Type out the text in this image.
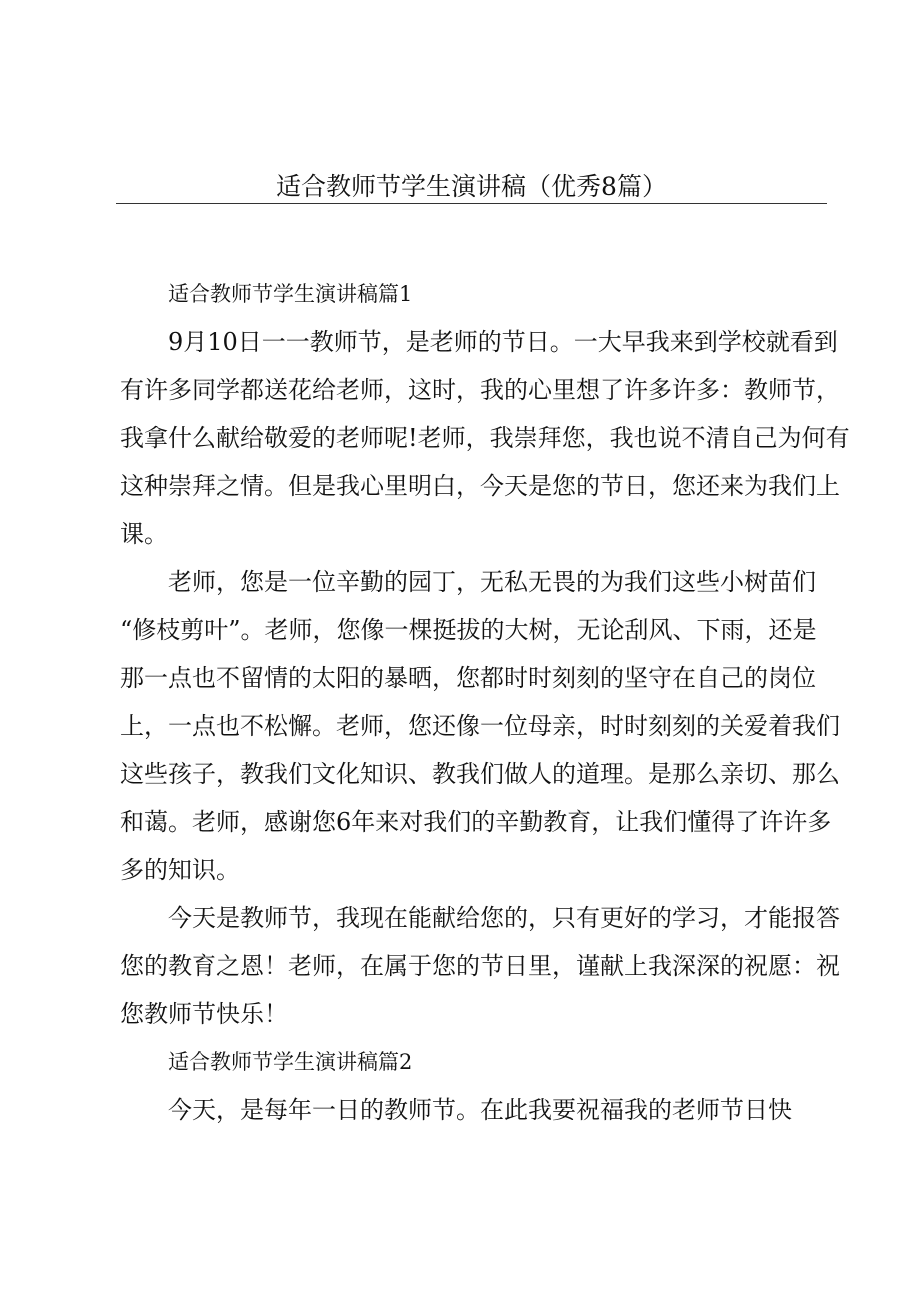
适合教师节学生演讲稿（优秀8篇）
适合教师节学生演讲稿篇1
9月10日一一教师节，是老师的节日。一大早我来到学校就看到
有许多同学都送花给老师，这时，我的心里想了许多许多：教师节，
我拿什么献给敬爱的老师呢!老师，我崇拜您，我也说不清自己为何有
这种崇拜之情。但是我心里明白，今天是您的节日，您还来为我们上
课。
老师，您是一位辛勤的园丁，无私无畏的为我们这些小树苗们
“修枝剪叶”。老师，您像一棵挺拔的大树，无论刮风、下雨，还是
那一点也不留情的太阳的暴晒，您都时时刻刻的坚守在自己的岗位
上，一点也不松懈。老师，您还像一位母亲，时时刻刻的关爱着我们
这些孩子，教我们文化知识、教我们做人的道理。是那么亲切、那么
和蔼。老师，感谢您6年来对我们的辛勤教育，让我们懂得了许许多
多的知识。
今天是教师节，我现在能献给您的，只有更好的学习，才能报答
您的教育之恩！老师，在属于您的节日里，谨献上我深深的祝愿：祝
您教师节快乐！
适合教师节学生演讲稿篇2
今天，是每年一日的教师节。在此我要祝福我的老师节日快
